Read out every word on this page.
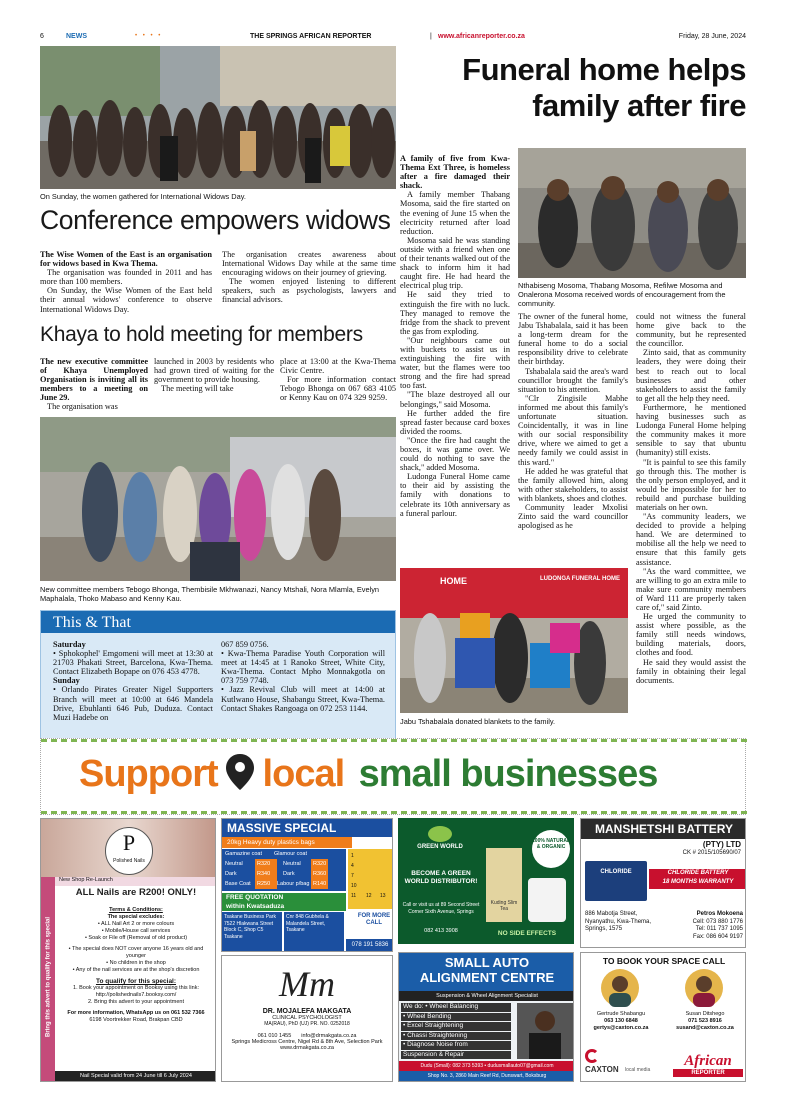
6	NEWS	• • • •	THE SPRINGS AFRICAN REPORTER	| www.africanreporter.co.za	Friday, 28 June, 2024
On Sunday, the women gathered for International Widows Day.
Conference empowers widows

The Wise Women of the East is an organisation for widows based in Kwa Thema.

The organisation was founded in 2011 and has more than 100 members.

On Sunday, the Wise Women of the East held their annual widows' conference to observe International Widows Day.

The organisation creates awareness about International Widows Day while at the same time encouraging widows on their journey of grieving.

The women enjoyed listening to different speakers, such as psychologists, lawyers and financial advisors.

Khaya to hold meeting for members

The new executive committee of Khaya Unemployed Organisation is inviting all its members to a meeting on June 29.

The organisation was

launched in 2003 by residents who had grown tired of waiting for the government to provide housing.

The meeting will take

place at 13:00 at the Kwa-Thema Civic Centre.

For more information contact Tebogo Bhonga on 067 683 4105 or Kenny Kau on 074 329 9259.

New committee members Tebogo Bhonga, Thembisile Mkhwanazi, Nancy Mtshali, Nora Mlamla, Evelyn Maphalala, Thoko Mabaso and Kenny Kau.
This & That

Saturday

• Sphokophel' Emgomeni will meet at 13:30 at 21703 Phakati Street, Barcelona, Kwa-Thema. Contact Elizabeth Bopape on 076 453 4778.

Sunday

• Orlando Pirates Greater Nigel Supporters Branch will meet at 10:00 at 646 Mandela Drive, Ebuhlanti 646 Pub, Duduza. Contact Muzi Hadebe on

067 859 0756.

• Kwa-Thema Paradise Youth Corporation will meet at 14:45 at 1 Ranoko Street, White City, Kwa-Thema. Contact Mpho Monnakgotla on 073 759 7748.

• Jazz Revival Club will meet at 14:00 at Kutlwano House, Shabangu Street, Kwa-Thema. Contact Shakes Rangoaga on 072 253 1144.

Funeral home helps
family after fire

A family of five from Kwa-Thema Ext Three, is homeless after a fire damaged their shack.

A family member Thabang Mosoma, said the fire started on the evening of June 15 when the electricity returned after load reduction.

Mosoma said he was standing outside with a friend when one of their tenants walked out of the shack to inform him it had caught fire. He had heard the electrical plug trip.

He said they tried to extinguish the fire with no luck. They managed to remove the fridge from the shack to prevent the gas from exploding.

"Our neighbours came out with buckets to assist us in extinguishing the fire with water, but the flames were too strong and the fire had spread too fast.

"The blaze destroyed all our belongings," said Mosoma.

He further added the fire spread faster because card boxes divided the rooms.

"Once the fire had caught the boxes, it was game over. We could do nothing to save the shack," added Mosoma.

Ludonga Funeral Home came to their aid by assisting the family with donations to celebrate its 10th anniversary as a funeral parlour.

Nthabiseng Mosoma, Thabang Mosoma, Refilwe Mosoma and Onalerona Mosoma received words of encouragement from the community.

The owner of the funeral home, Jabu Tshabalala, said it has been a long-term dream for the funeral home to do a social responsibility drive to celebrate their birthday.

Tshabalala said the area's ward councillor brought the family's situation to his attention.

"Clr Zingisile Mabhe informed me about this family's unfortunate situation. Coincidentally, it was in line with our social responsibility drive, where we aimed to get a needy family we could assist in this ward."

He added he was grateful that the family allowed him, along with other stakeholders, to assist with blankets, shoes and clothes.

Community leader Mxolisi Zinto said the ward councillor apologised as he

could not witness the funeral home give back to the community, but he represented the councillor.

Zinto said, that as community leaders, they were doing their best to reach out to local businesses and other stakeholders to assist the family to get all the help they need.

Furthermore, he mentioned having businesses such as Ludonga Funeral Home helping the community makes it more sensible to say that ubuntu (humanity) still exists.

"It is painful to see this family go through this. The mother is the only person employed, and it would be impossible for her to rebuild and purchase building materials on her own.

"As community leaders, we decided to provide a helping hand. We are determined to mobilise all the help we need to ensure that this family gets assistance.

"As the ward committee, we are willing to go an extra mile to make sure community members of Ward 111 are properly taken care of," said Zinto.

He urged the community to assist where possible, as the family still needs windows, building materials, doors, clothes and food.

He said they would assist the family in obtaining their legal documents.

HOME	LUDONGA FUNERAL HOME
Jabu Tshabalala donated blankets to the family.
Support local small businesses
P
Polished Nails
Bring this advert to qualify for this special
New Shop Re-Launch
ALL Nails are R200! ONLY!
Terms & Conditions:
The special excludes:
• ALL Nail Art 2 or more colours
• Mobile/House call services
• Soak or File off (Removal of old product)
• The special does NOT cover anyone 16 years old and younger
• No children in the shop
• Any of the nail services are at the shop's discretion
To qualify for this special:
1. Book your appointment on Booksy using this link: http://polishednails7.booksy.com/
2. Bring this advert to your appointment
For more information, WhatsApp us on 061 532 7366
6198 Voortrekker Road, Brakpan CBD
Nail Special valid from 24 June till 6 July 2024
MASSIVE SPECIAL
20kg Heavy duty plastics bags
Gamazine coat Glamour coat
Neutral	R320	Neutral	R320
Dark	R340	Dark	R360
Base Coat	R250	Labour p/bag R140
1
4
7
10
11 12 13
FREE QUOTATION
within Kwatsaduza
Tsakane Business Park 7522 Hlakwana Street Block C, Shop C5 Tsakane
Cnr 848 Gubhela & Malandela Street, Tsakane
FOR MORE CALL
078 191 5836
Mm
DR. MOJALEFA MAKGATA
CLINICAL PSYCHOLOGIST
MA(RAU), PhD (UJ) PR. NO. 0252018
061 010 1455 info@drmakgata.co.za
Springs Medicross Centre, Nigel Rd & 8th Ave, Selection Park
www.drmakgata.co.za
GREEN WORLD
BECOME A GREEN WORLD DISTRIBUTOR!
Call or visit us at 89 Second Street Corner Sixth Avenue, Springs
082 413 3908
Kuding Slim Tea
100% NATURAL & ORGANIC
NO SIDE EFFECTS
SMALL AUTO
ALIGNMENT CENTRE
Suspension & Wheel Alignment Specialist
We do: • Wheel Balancing
• Wheel Bending
• Excel Straightening
• Chassi Straightening
• Diagnose Noise from
Suspension & Repair
Dudu (Small): 082 373 5393 • dudusmallauto07@gmail.com
Shop No. 3, 2860 Main Reef Rd, Dunswart, Boksburg
MANSHETSHI BATTERY
(PTY) LTD
CK # 2015/105690/07
CHLORIDE	CHLORIDE BATTERY
18 MONTHS WARRANTY
886 Mabotja Street, Nyanyathu, Kwa-Thema, Springs, 1575
Petros Mokoena
Cell: 073 880 1776
Tel: 011 737 1095
Fax: 086 604 9197
TO BOOK YOUR SPACE CALL
Gertrude Shabangu
063 130 6848
gertys@caxton.co.za
Susan Ditshego
071 523 8916
susand@caxton.co.za
CAXTON local media
African
REPORTER
